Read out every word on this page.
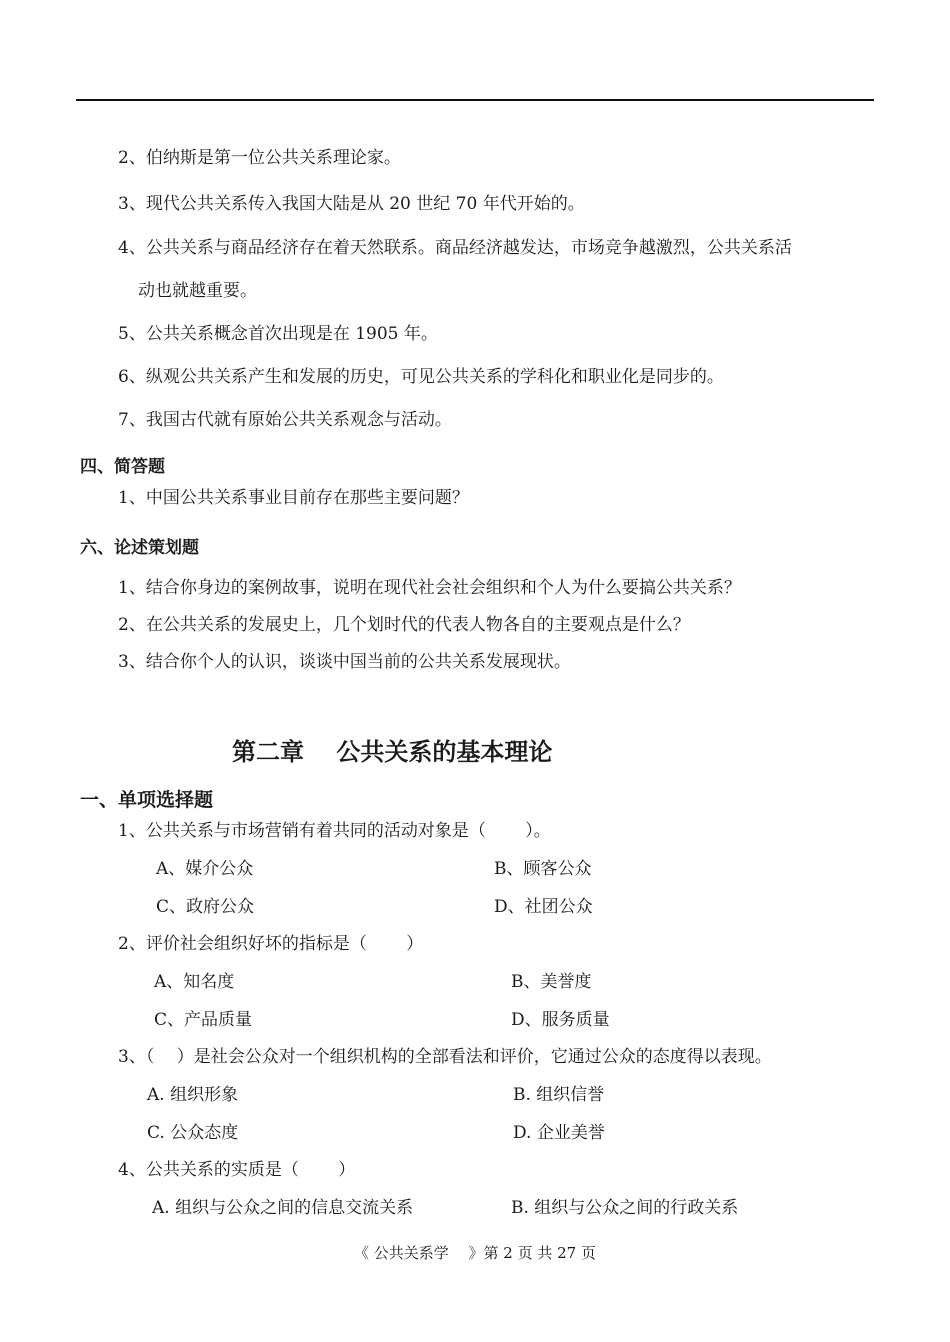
2、伯纳斯是第一位公共关系理论家。
3、现代公共关系传入我国大陆是从 20 世纪 70 年代开始的。
4、公共关系与商品经济存在着天然联系。商品经济越发达，市场竞争越激烈，公共关系活
动也就越重要。
5、公共关系概念首次出现是在 1905 年。
6、纵观公共关系产生和发展的历史，可见公共关系的学科化和职业化是同步的。
7、我国古代就有原始公共关系观念与活动。
四、简答题
1、中国公共关系事业目前存在那些主要问题？
六、论述策划题
1、结合你身边的案例故事，说明在现代社会社会组织和个人为什么要搞公共关系？
2、在公共关系的发展史上，几个划时代的代表人物各自的主要观点是什么？
3、结合你个人的认识，谈谈中国当前的公共关系发展现状。
第二章　 公共关系的基本理论
一、单项选择题
1、公共关系与市场营销有着共同的活动对象是（　　 ）。
A、媒介公众	B、顾客公众
C、政府公众	D、社团公众
2、评价社会组织好坏的指标是（　　 ）
A、知名度	B、美誉度
C、产品质量	D、服务质量
3、（　 ）是社会公众对一个组织机构的全部看法和评价，它通过公众的态度得以表现。
A. 组织形象	B. 组织信誉
C. 公众态度	D. 企业美誉
4、公共关系的实质是（　　 ）
A. 组织与公众之间的信息交流关系	B. 组织与公众之间的行政关系
《 公共关系学　 》第 2 页 共 27 页
